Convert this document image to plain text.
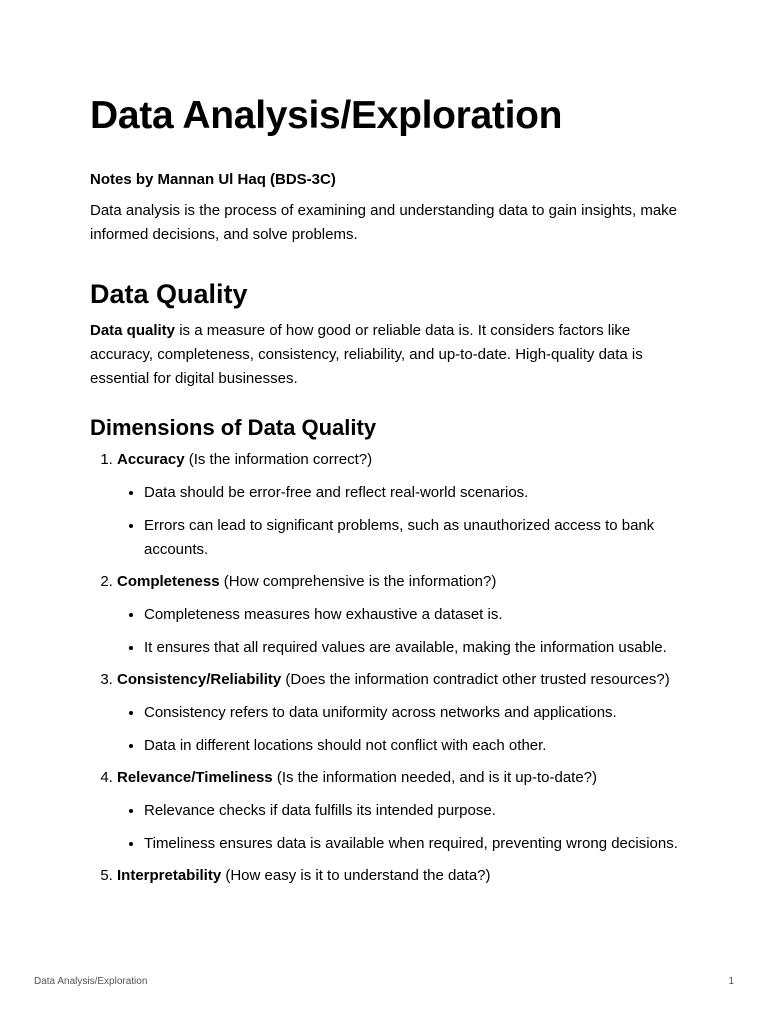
Data Analysis/Exploration
Notes by Mannan Ul Haq (BDS-3C)

Data analysis is the process of examining and understanding data to gain insights, make informed decisions, and solve problems.

Data Quality

Data quality is a measure of how good or reliable data is. It considers factors like accuracy, completeness, consistency, reliability, and up-to-date. High-quality data is essential for digital businesses.

Dimensions of Data Quality
1. Accuracy (Is the information correct?)
• Data should be error-free and reflect real-world scenarios.
• Errors can lead to significant problems, such as unauthorized access to bank accounts.
2. Completeness (How comprehensive is the information?)
• Completeness measures how exhaustive a dataset is.
• It ensures that all required values are available, making the information usable.
3. Consistency/Reliability (Does the information contradict other trusted resources?)
• Consistency refers to data uniformity across networks and applications.
• Data in different locations should not conflict with each other.
4. Relevance/Timeliness (Is the information needed, and is it up-to-date?)
• Relevance checks if data fulfills its intended purpose.
• Timeliness ensures data is available when required, preventing wrong decisions.
5. Interpretability (How easy is it to understand the data?)
Data Analysis/Exploration	1
